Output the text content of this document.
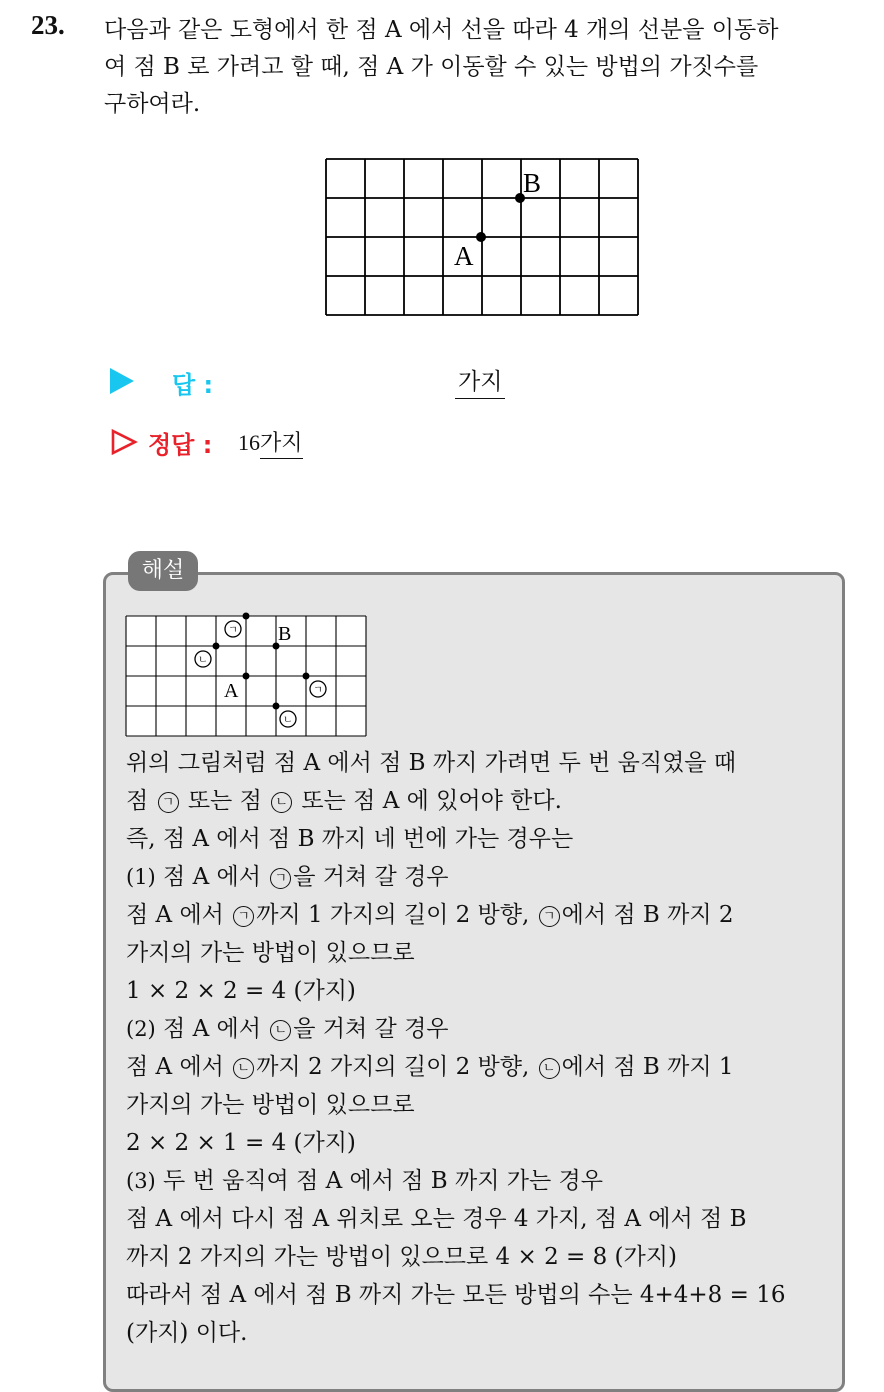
23. 다음과 같은 도형에서 한 점 A 에서 선을 따라 4 개의 선분을 이동하
여 점 B 로 가려고 할 때, 점 A 가 이동할 수 있는 방법의 가짓수를
구하여라.
B
A
답 :	가지
정답 : 16가지
해설
B
A
ㄱ
ㄴ
ㄱ
ㄴ
위의 그림처럼 점 A 에서 점 B 까지 가려면 두 번 움직였을 때
점 ㄱ 또는 점 ㄴ 또는 점 A 에 있어야 한다.
즉, 점 A 에서 점 B 까지 네 번에 가는 경우는
(1) 점 A 에서 ㄱ 을 거쳐 갈 경우
점 A 에서 ㄱ 까지 1 가지의 길이 2 방향, ㄱ 에서 점 B 까지 2
가지의 가는 방법이 있으므로
1 × 2 × 2 = 4 (가지)
(2) 점 A 에서 ㄴ 을 거쳐 갈 경우
점 A 에서 ㄴ 까지 2 가지의 길이 2 방향, ㄴ 에서 점 B 까지 1
가지의 가는 방법이 있으므로
2 × 2 × 1 = 4 (가지)
(3) 두 번 움직여 점 A 에서 점 B 까지 가는 경우
점 A 에서 다시 점 A 위치로 오는 경우 4 가지, 점 A 에서 점 B
까지 2 가지의 가는 방법이 있으므로 4 × 2 = 8 (가지)
따라서 점 A 에서 점 B 까지 가는 모든 방법의 수는 4+4+8 = 16
(가지) 이다.
